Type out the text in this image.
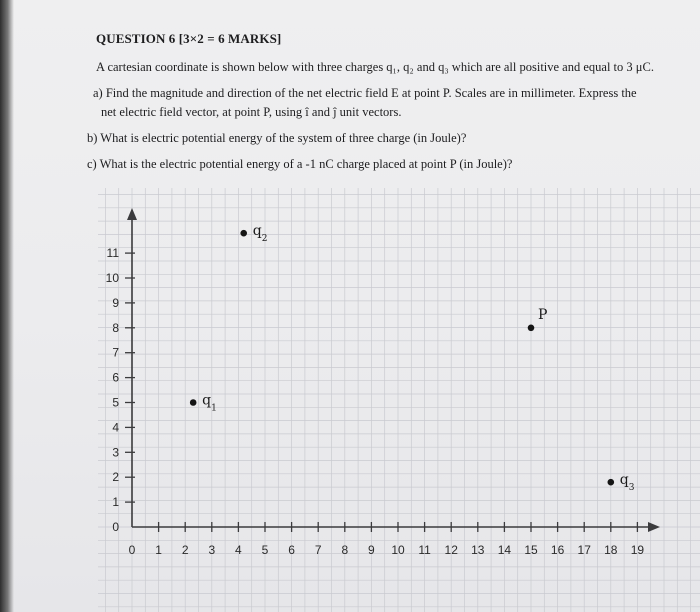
QUESTION 6 [3×2 = 6 MARKS]
A cartesian coordinate is shown below with three charges q₁, q₂ and q₃ which are all positive and equal to 3 μC.
a) Find the magnitude and direction of the net electric field E at point P. Scales are in millimeter. Express the
net electric field vector, at point P, using î and ĵ unit vectors.
b) What is electric potential energy of the system of three charge (in Joule)?
c) What is the electric potential energy of a -1 nC charge placed at point P (in Joule)?
0 1 2 3 4 5 6 7 8 9 10 11 12 13 14 15 16 17 18 19
0
1
2
3
4
5
6
7
8
9
10
11
q 1
q 2
q 3
P
